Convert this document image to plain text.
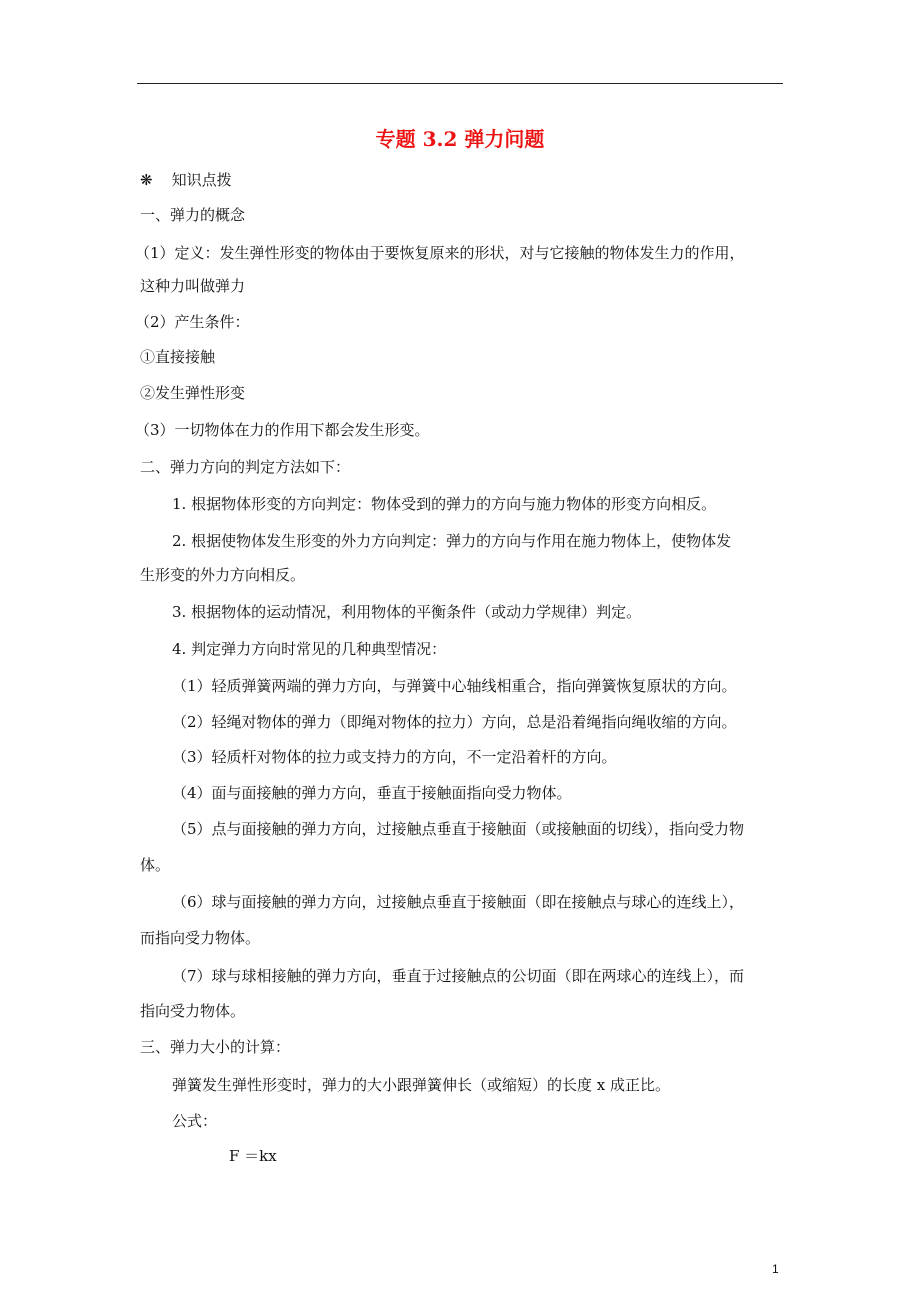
专题 3.2 弹力问题
❋ 知识点拨
一、弹力的概念
（1）定义：发生弹性形变的物体由于要恢复原来的形状，对与它接触的物体发生力的作用，
这种力叫做弹力
（2）产生条件：
①直接接触
②发生弹性形变
（3）一切物体在力的作用下都会发生形变。
二、弹力方向的判定方法如下：
1. 根据物体形变的方向判定：物体受到的弹力的方向与施力物体的形变方向相反。
2. 根据使物体发生形变的外力方向判定：弹力的方向与作用在施力物体上，使物体发
生形变的外力方向相反。
3. 根据物体的运动情况，利用物体的平衡条件（或动力学规律）判定。
4. 判定弹力方向时常见的几种典型情况：
（1）轻质弹簧两端的弹力方向，与弹簧中心轴线相重合，指向弹簧恢复原状的方向。
（2）轻绳对物体的弹力（即绳对物体的拉力）方向，总是沿着绳指向绳收缩的方向。
（3）轻质杆对物体的拉力或支持力的方向，不一定沿着杆的方向。
（4）面与面接触的弹力方向，垂直于接触面指向受力物体。
（5）点与面接触的弹力方向，过接触点垂直于接触面（或接触面的切线），指向受力物
体。
（6）球与面接触的弹力方向，过接触点垂直于接触面（即在接触点与球心的连线上），
而指向受力物体。
（7）球与球相接触的弹力方向，垂直于过接触点的公切面（即在两球心的连线上），而
指向受力物体。
三、弹力大小的计算：
弹簧发生弹性形变时，弹力的大小跟弹簧伸长（或缩短）的长度 x 成正比。
公式：
F ＝kx
1
